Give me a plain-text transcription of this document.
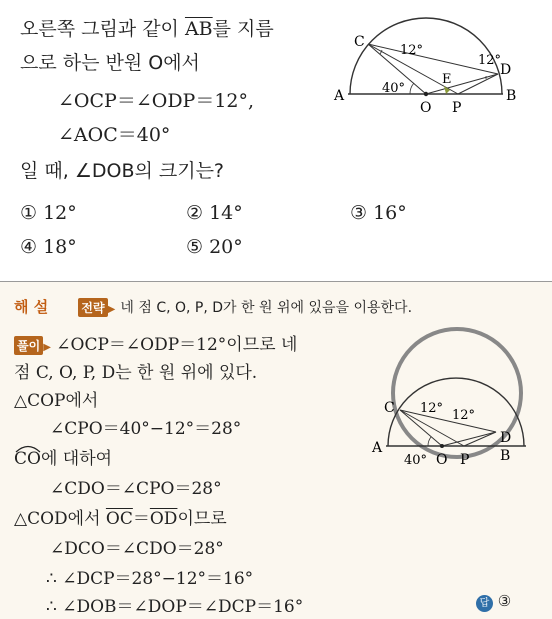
오른쪽 그림과 같이 $\overline{AB}$를 지름
으로 하는 반원 O에서
∠OCP＝∠ODP＝12°,
∠AOC＝40°
일 때, ∠DOB의 크기는?
① 12°	② 14°	③ 16°
④ 18°	⑤ 20°
A	B
C
D
E
O P
12°
12°
40°
해 설	전략 ▶ 네 점 C, O, P, D가 한 원 위에 있음을 이용한다.
풀이 ▶ ∠OCP＝∠ODP＝12°이므로 네
점 C, O, P, D는 한 원 위에 있다.
△COP에서
∠CPO＝40°−12°＝28°
CO에 대하여
∠CDO＝∠CPO＝28°
△COD에서 $\overline{OC}=\overline{OD}$이므로
∠DCO＝∠CDO＝28°
∴ ∠DCP＝28°−12°＝16°
∴ ∠DOB＝∠DOP＝∠DCP＝16°	답 ③
A	B
C
D
O P
12° 12°
40°
